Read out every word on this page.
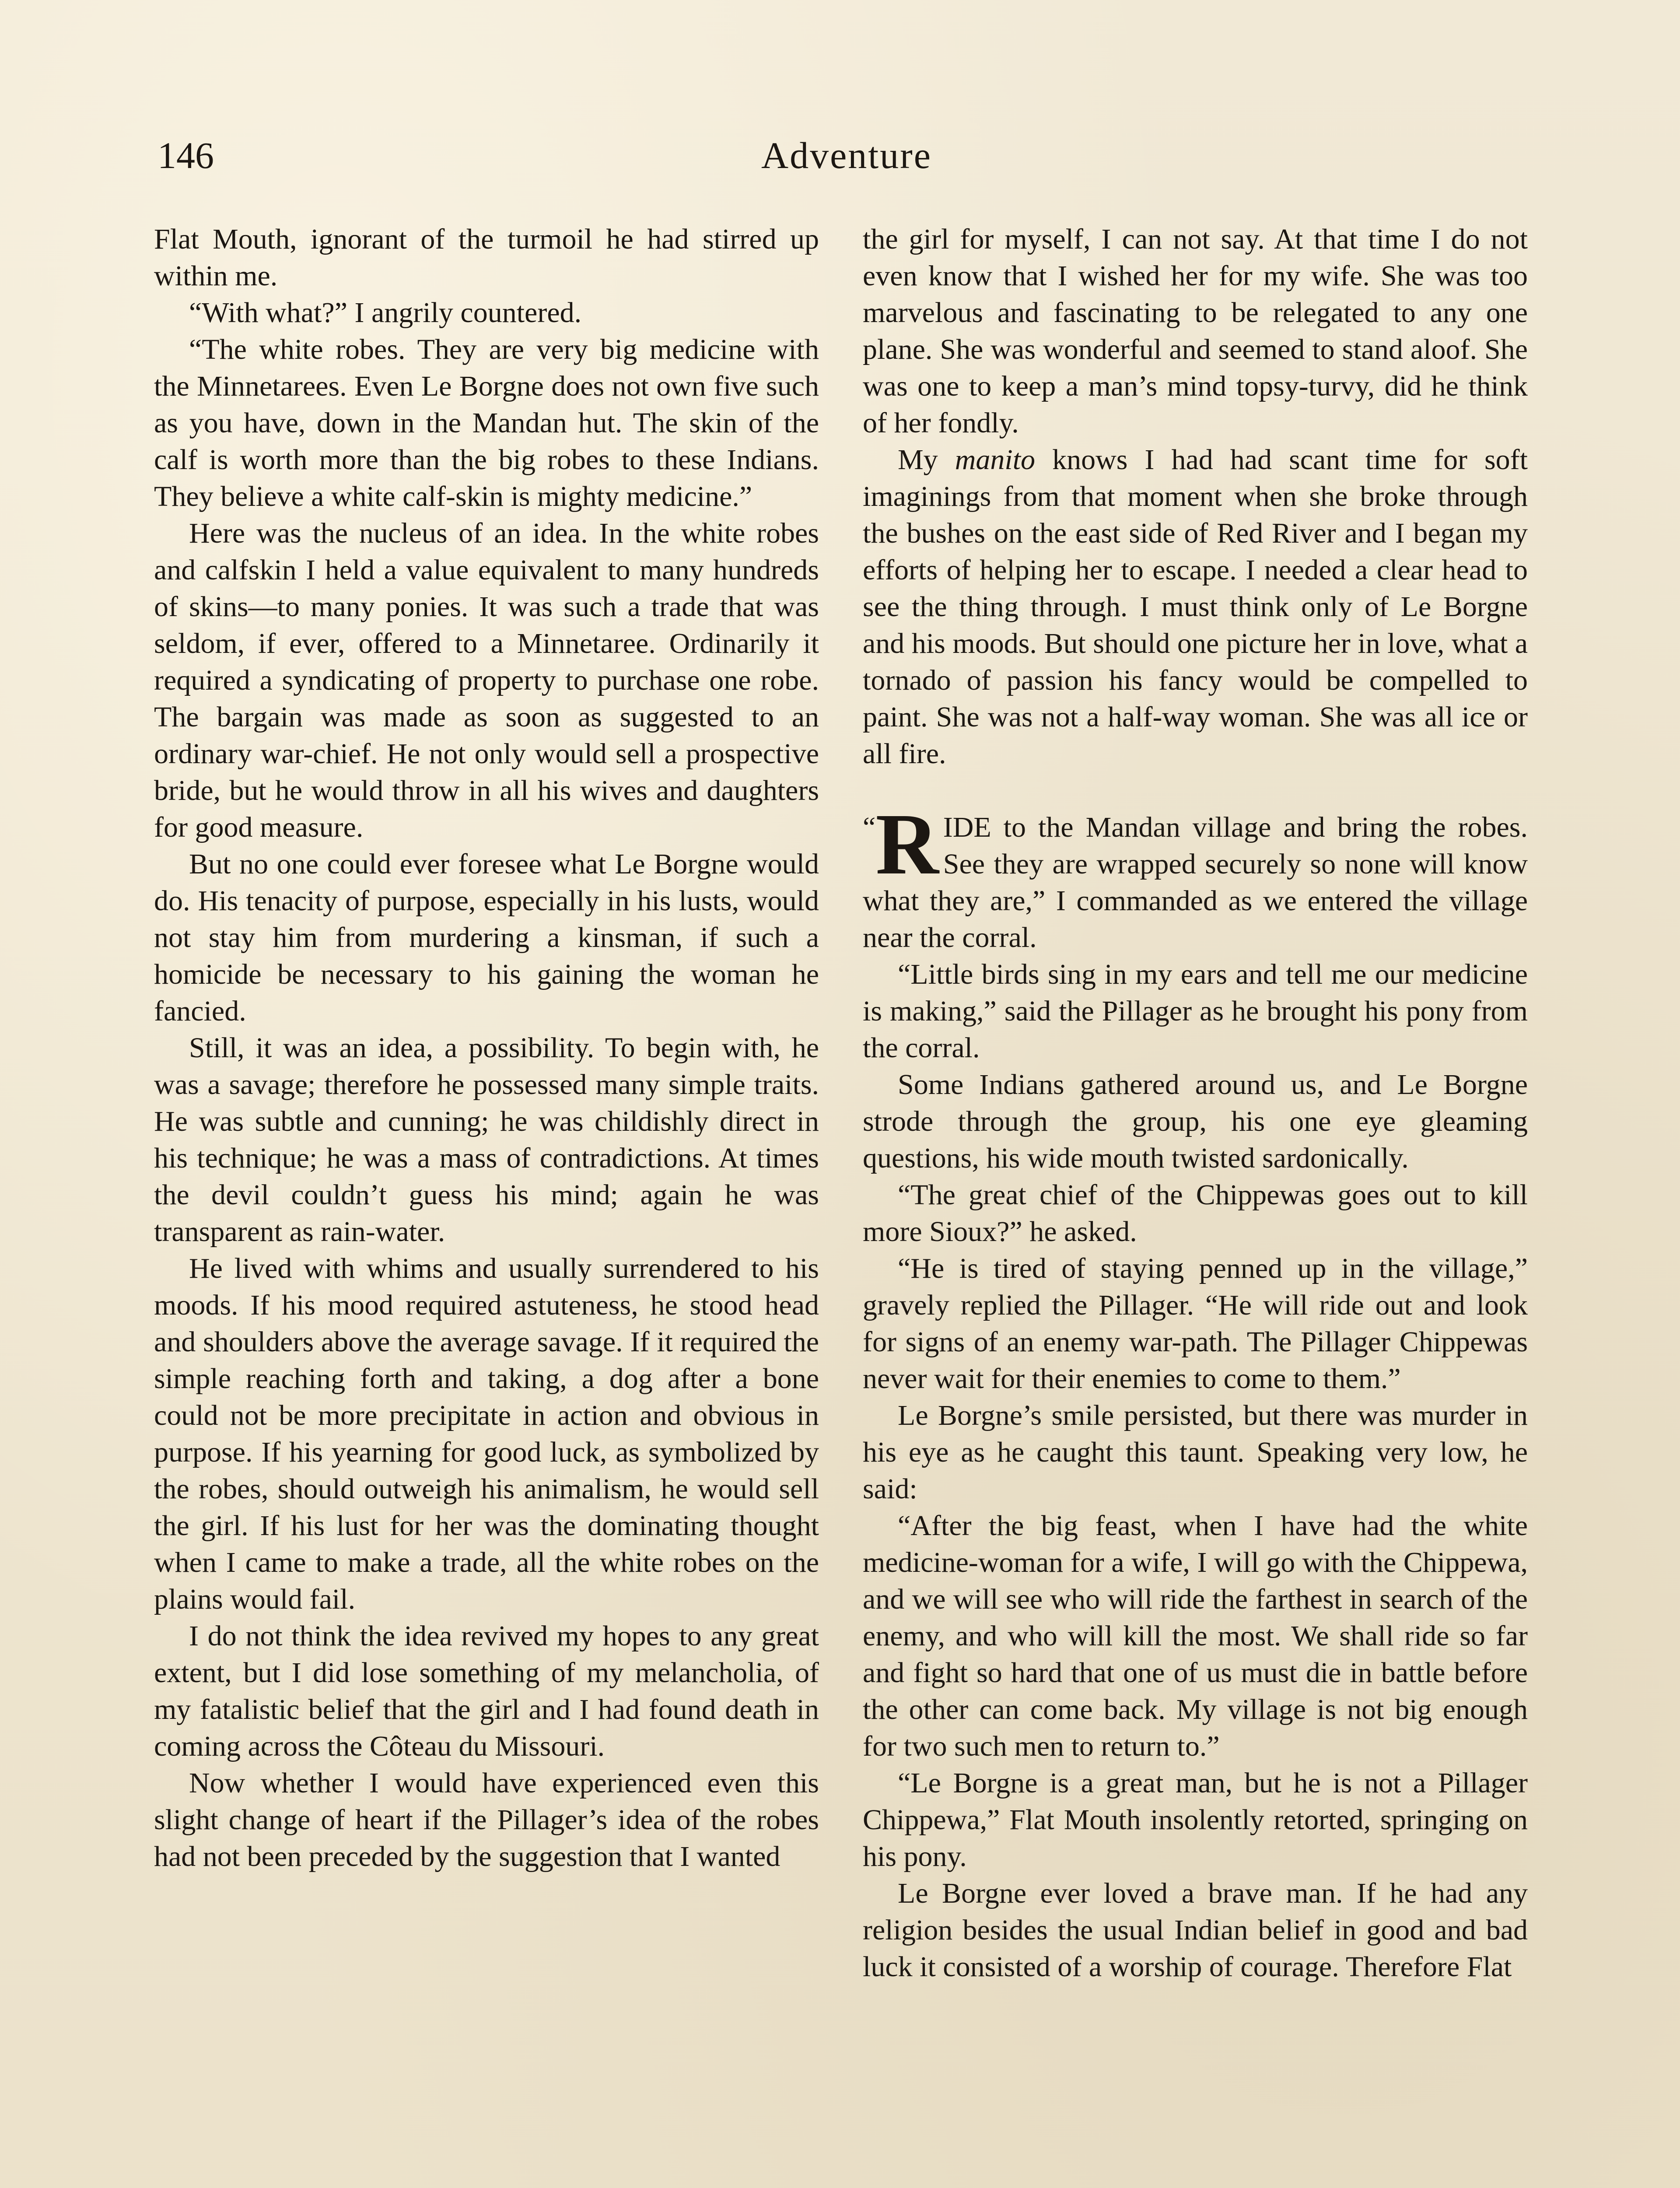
146	Adventure

Flat Mouth, ignorant of the turmoil he had stirred up within me.

“With what?” I angrily countered.

“The white robes. They are very big medicine with the Minnetarees. Even Le Borgne does not own five such as you have, down in the Mandan hut. The skin of the calf is worth more than the big robes to these Indians. They believe a white calf-skin is mighty medicine.”

Here was the nucleus of an idea. In the white robes and calfskin I held a value equivalent to many hundreds of skins—to many ponies. It was such a trade that was seldom, if ever, offered to a Minnetaree. Ordinarily it required a syndicating of property to purchase one robe. The bargain was made as soon as suggested to an ordinary war-chief. He not only would sell a prospective bride, but he would throw in all his wives and daughters for good measure.

But no one could ever foresee what Le Borgne would do. His tenacity of purpose, especially in his lusts, would not stay him from murdering a kinsman, if such a homicide be necessary to his gaining the woman he fancied.

Still, it was an idea, a possibility. To begin with, he was a savage; therefore he possessed many simple traits. He was subtle and cunning; he was childishly direct in his technique; he was a mass of contradictions. At times the devil couldn’t guess his mind; again he was transparent as rain-water.

He lived with whims and usually surrendered to his moods. If his mood required astuteness, he stood head and shoulders above the average savage. If it required the simple reaching forth and taking, a dog after a bone could not be more precipitate in action and obvious in purpose. If his yearning for good luck, as symbolized by the robes, should outweigh his animalism, he would sell the girl. If his lust for her was the dominating thought when I came to make a trade, all the white robes on the plains would fail.

I do not think the idea revived my hopes to any great extent, but I did lose something of my melancholia, of my fatalistic belief that the girl and I had found death in coming across the Côteau du Missouri.

Now whether I would have experienced even this slight change of heart if the Pillager’s idea of the robes had not been preceded by the suggestion that I wanted

the girl for myself, I can not say. At that time I do not even know that I wished her for my wife. She was too marvelous and fascinating to be relegated to any one plane. She was wonderful and seemed to stand aloof. She was one to keep a man’s mind topsy-turvy, did he think of her fondly.

My manito knows I had had scant time for soft imaginings from that moment when she broke through the bushes on the east side of Red River and I began my efforts of helping her to escape. I needed a clear head to see the thing through. I must think only of Le Borgne and his moods. But should one picture her in love, what a tornado of passion his fancy would be compelled to paint. She was not a half-way woman. She was all ice or all fire.

“ R IDE to the Mandan village and bring the robes. See they are wrapped securely so none will know what they are,” I commanded as we entered the village near the corral.

“Little birds sing in my ears and tell me our medicine is making,” said the Pillager as he brought his pony from the corral.

Some Indians gathered around us, and Le Borgne strode through the group, his one eye gleaming questions, his wide mouth twisted sardonically.

“The great chief of the Chippewas goes out to kill more Sioux?” he asked.

“He is tired of staying penned up in the village,” gravely replied the Pillager. “He will ride out and look for signs of an enemy war-path. The Pillager Chippewas never wait for their enemies to come to them.”

Le Borgne’s smile persisted, but there was murder in his eye as he caught this taunt. Speaking very low, he said:

“After the big feast, when I have had the white medicine-woman for a wife, I will go with the Chippewa, and we will see who will ride the farthest in search of the enemy, and who will kill the most. We shall ride so far and fight so hard that one of us must die in battle before the other can come back. My village is not big enough for two such men to return to.”

“Le Borgne is a great man, but he is not a Pillager Chippewa,” Flat Mouth insolently retorted, springing on his pony.

Le Borgne ever loved a brave man. If he had any religion besides the usual Indian belief in good and bad luck it consisted of a worship of courage. Therefore Flat
